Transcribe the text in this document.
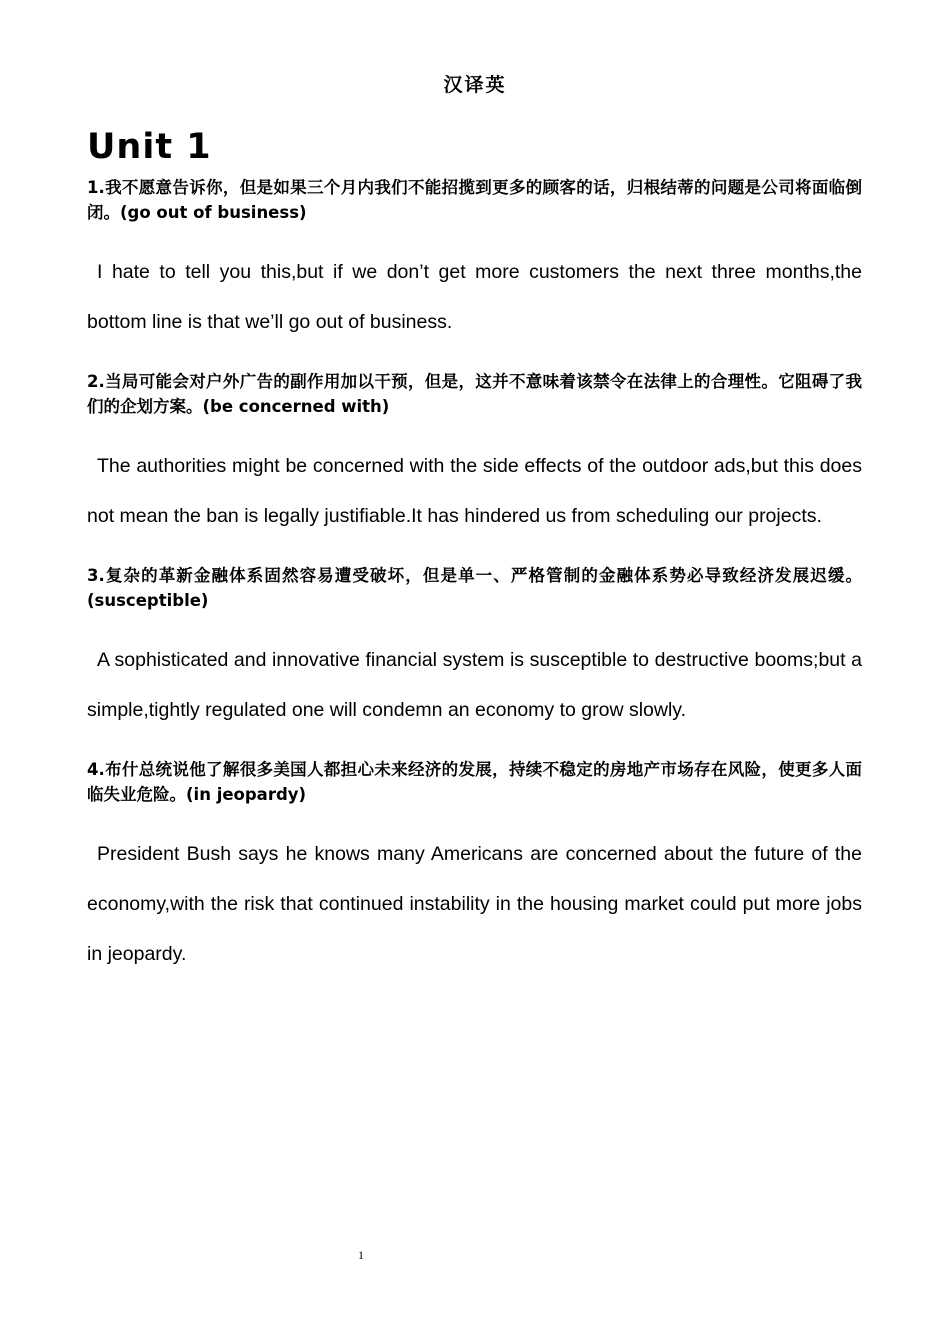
汉译英
Unit 1

1.我不愿意告诉你，但是如果三个月内我们不能招揽到更多的顾客的话，归根结蒂的问题是公司将面临倒闭。(go out of business)

I hate to tell you this,but if we don’t get more customers the next three months,the bottom line is that we’ll go out of business.

2.当局可能会对户外广告的副作用加以干预，但是，这并不意味着该禁令在法律上的合理性。它阻碍了我们的企划方案。(be concerned with)

The authorities might be concerned with the side effects of the outdoor ads,but this does not mean the ban is legally justifiable.It has hindered us from scheduling our projects.

3.复杂的革新金融体系固然容易遭受破坏，但是单一、严格管制的金融体系势必导致经济发展迟缓。(susceptible)

A sophisticated and innovative financial system is susceptible to destructive booms;but a simple,tightly regulated one will condemn an economy to grow slowly.

4.布什总统说他了解很多美国人都担心未来经济的发展，持续不稳定的房地产市场存在风险，使更多人面临失业危险。(in jeopardy)

President Bush says he knows many Americans are concerned about the future of the economy,with the risk that continued instability in the housing market could put more jobs in jeopardy.

1
